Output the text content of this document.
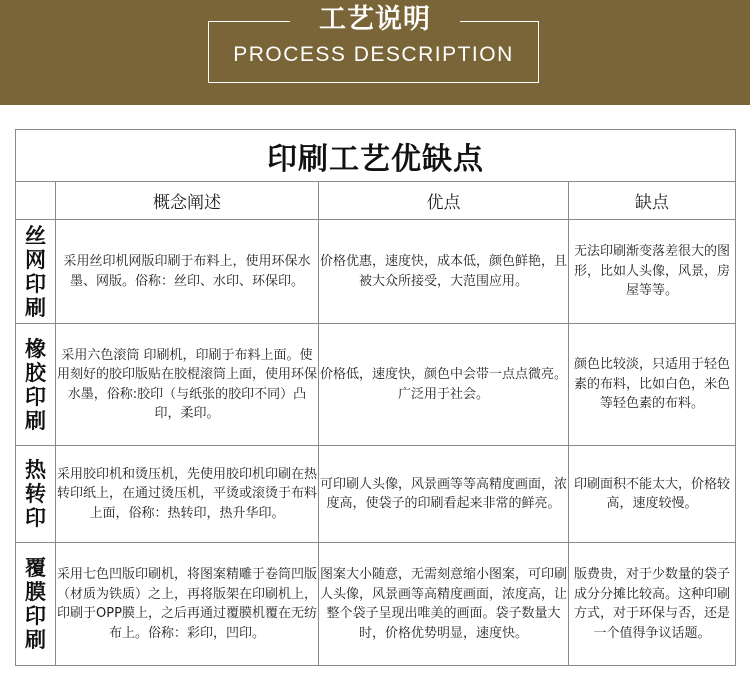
工艺说明
PROCESS DESCRIPTION
印刷工艺优缺点			
	概念阐述	优点	缺点

丝
网
印
刷	采用丝印机网版印刷于布料上，使用环保水墨、网版。俗称：丝印、水印、环保印。	价格优惠，速度快，成本低，颜色鲜艳，且被大众所接受，大范围应用。	无法印刷渐变落差很大的图形，比如人头像，风景，房屋等等。

橡
胶
印
刷	采用六色滚筒 印刷机，印刷于布料上面。使用刻好的胶印版贴在胶棍滚筒上面，使用环保水墨，俗称:胶印（与纸张的胶印不同）凸印，柔印。	价格低，速度快，颜色中会带一点点微亮。广泛用于社会。	颜色比较淡，只适用于轻色素的布料，比如白色，米色等轻色素的布料。

热
转
印	采用胶印机和烫压机，先使用胶印机印刷在热转印纸上，在通过烫压机，平烫或滚烫于布料上面，俗称：热转印，热升华印。	可印刷人头像，风景画等等高精度画面，浓度高，使袋子的印刷看起来非常的鲜亮。	印刷面积不能太大，价格较高，速度较慢。

覆
膜
印
刷	采用七色凹版印刷机，将图案精雕于卷筒凹版（材质为铁质）之上，再将版架在印刷机上，印刷于OPP膜上，之后再通过覆膜机覆在无纺布上。俗称：彩印，凹印。	图案大小随意，无需刻意缩小图案，可印刷人头像，风景画等高精度画面，浓度高，让整个袋子呈现出唯美的画面。袋子数量大时，价格优势明显，速度快。	版费贵，对于少数量的袋子成分分摊比较高。这种印刷方式，对于环保与否，还是一个值得争议话题。
